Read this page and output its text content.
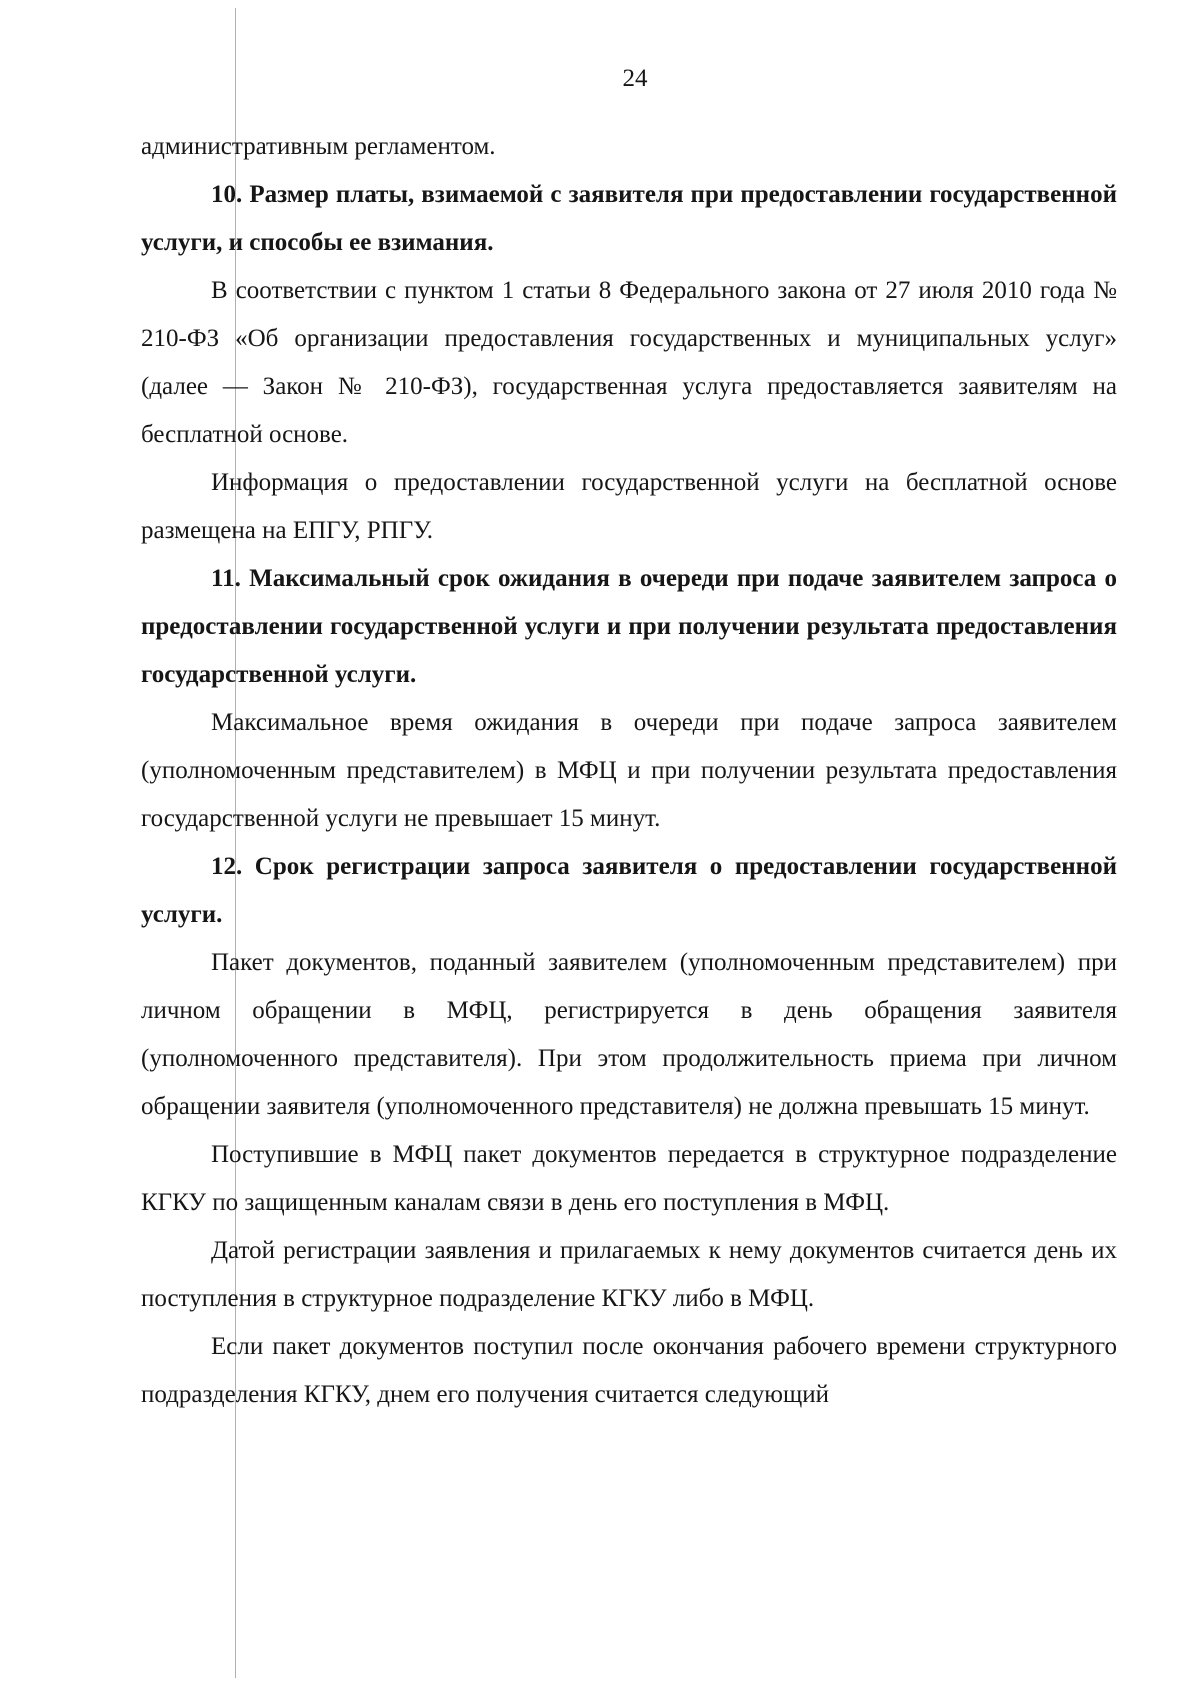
24

административным регламентом.

10. Размер платы, взимаемой с заявителя при предоставлении государственной услуги, и способы ее взимания.

В соответствии с пунктом 1 статьи 8 Федерального закона от 27 июля 2010 года № 210-ФЗ «Об организации предоставления государственных и муниципальных услуг» (далее — Закон № 210-ФЗ), государственная услуга предоставляется заявителям на бесплатной основе.

Информация о предоставлении государственной услуги на бесплатной основе размещена на ЕПГУ, РПГУ.

11. Максимальный срок ожидания в очереди при подаче заявителем запроса о предоставлении государственной услуги и при получении результата предоставления государственной услуги.

Максимальное время ожидания в очереди при подаче запроса заявителем (уполномоченным представителем) в МФЦ и при получении результата предоставления государственной услуги не превышает 15 минут.

12. Срок регистрации запроса заявителя о предоставлении государственной услуги.

Пакет документов, поданный заявителем (уполномоченным представителем) при личном обращении в МФЦ, регистрируется в день обращения заявителя (уполномоченного представителя). При этом продолжительность приема при личном обращении заявителя (уполномоченного представителя) не должна превышать 15 минут.

Поступившие в МФЦ пакет документов передается в структурное подразделение КГКУ по защищенным каналам связи в день его поступления в МФЦ.

Датой регистрации заявления и прилагаемых к нему документов считается день их поступления в структурное подразделение КГКУ либо в МФЦ.

Если пакет документов поступил после окончания рабочего времени структурного подразделения КГКУ, днем его получения считается следующий
